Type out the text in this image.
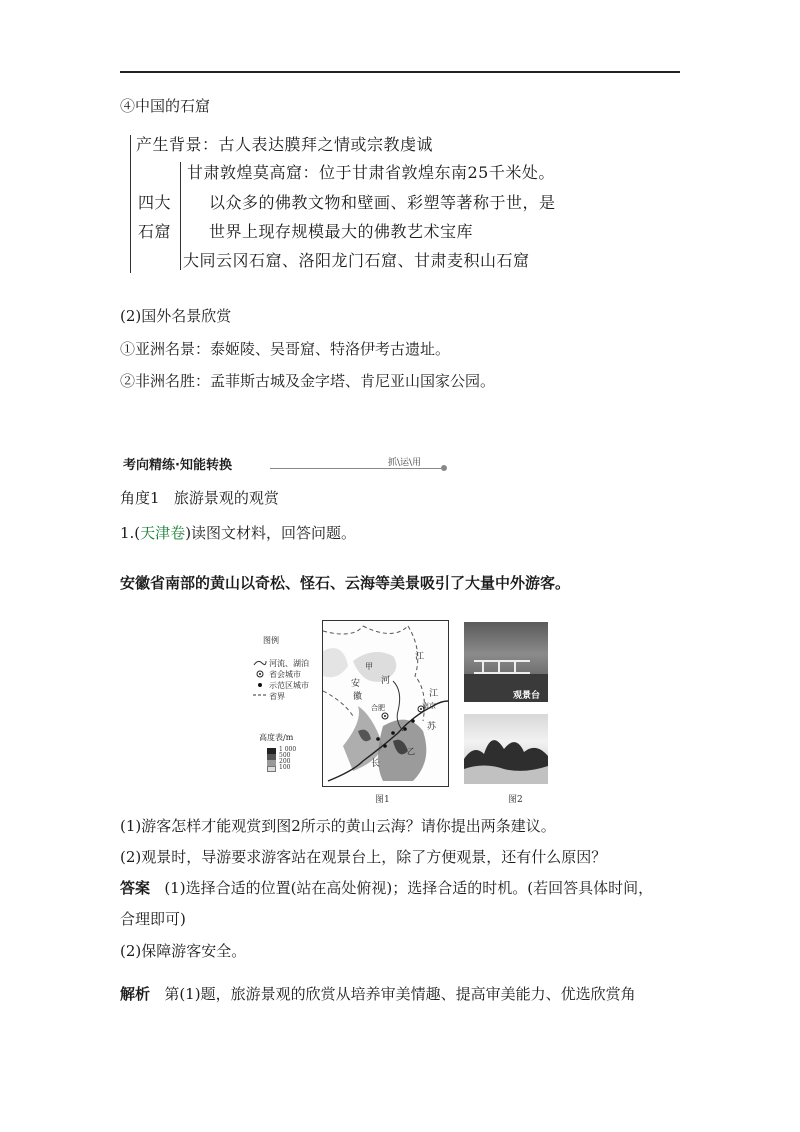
④中国的石窟
产生背景：古人表达膜拜之情或宗教虔诚
四大
石窟
甘肃敦煌莫高窟：位于甘肃省敦煌东南25千米处。
以众多的佛教文物和壁画、彩塑等著称于世，是
世界上现存规模最大的佛教艺术宝库
大同云冈石窟、洛阳龙门石窟、甘肃麦积山石窟
(2)国外名景欣赏
①亚洲名景：泰姬陵、吴哥窟、特洛伊考古遗址。
②非洲名胜：孟菲斯古城及金字塔、肯尼亚山国家公园。
考向精练·知能转换	抓\运\用
角度1 旅游景观的观赏
1.(天津卷)读图文材料，回答问题。
安徽省南部的黄山以奇松、怪石、云海等美景吸引了大量中外游客。
图例
河流、湖泊
省会城市
示范区城市
省界
高度表/m
1 000
500
200
100
甲
安 河
江
徽
合肥	南京
江
苏
长
乙
图1
观景台
图2
(1)游客怎样才能观赏到图2所示的黄山云海？请你提出两条建议。
(2)观景时，导游要求游客站在观景台上，除了方便观景，还有什么原因？
答案 (1)选择合适的位置(站在高处俯视)；选择合适的时机。(若回答具体时间，
合理即可)
(2)保障游客安全。
解析 第(1)题，旅游景观的欣赏从培养审美情趣、提高审美能力、优选欣赏角
